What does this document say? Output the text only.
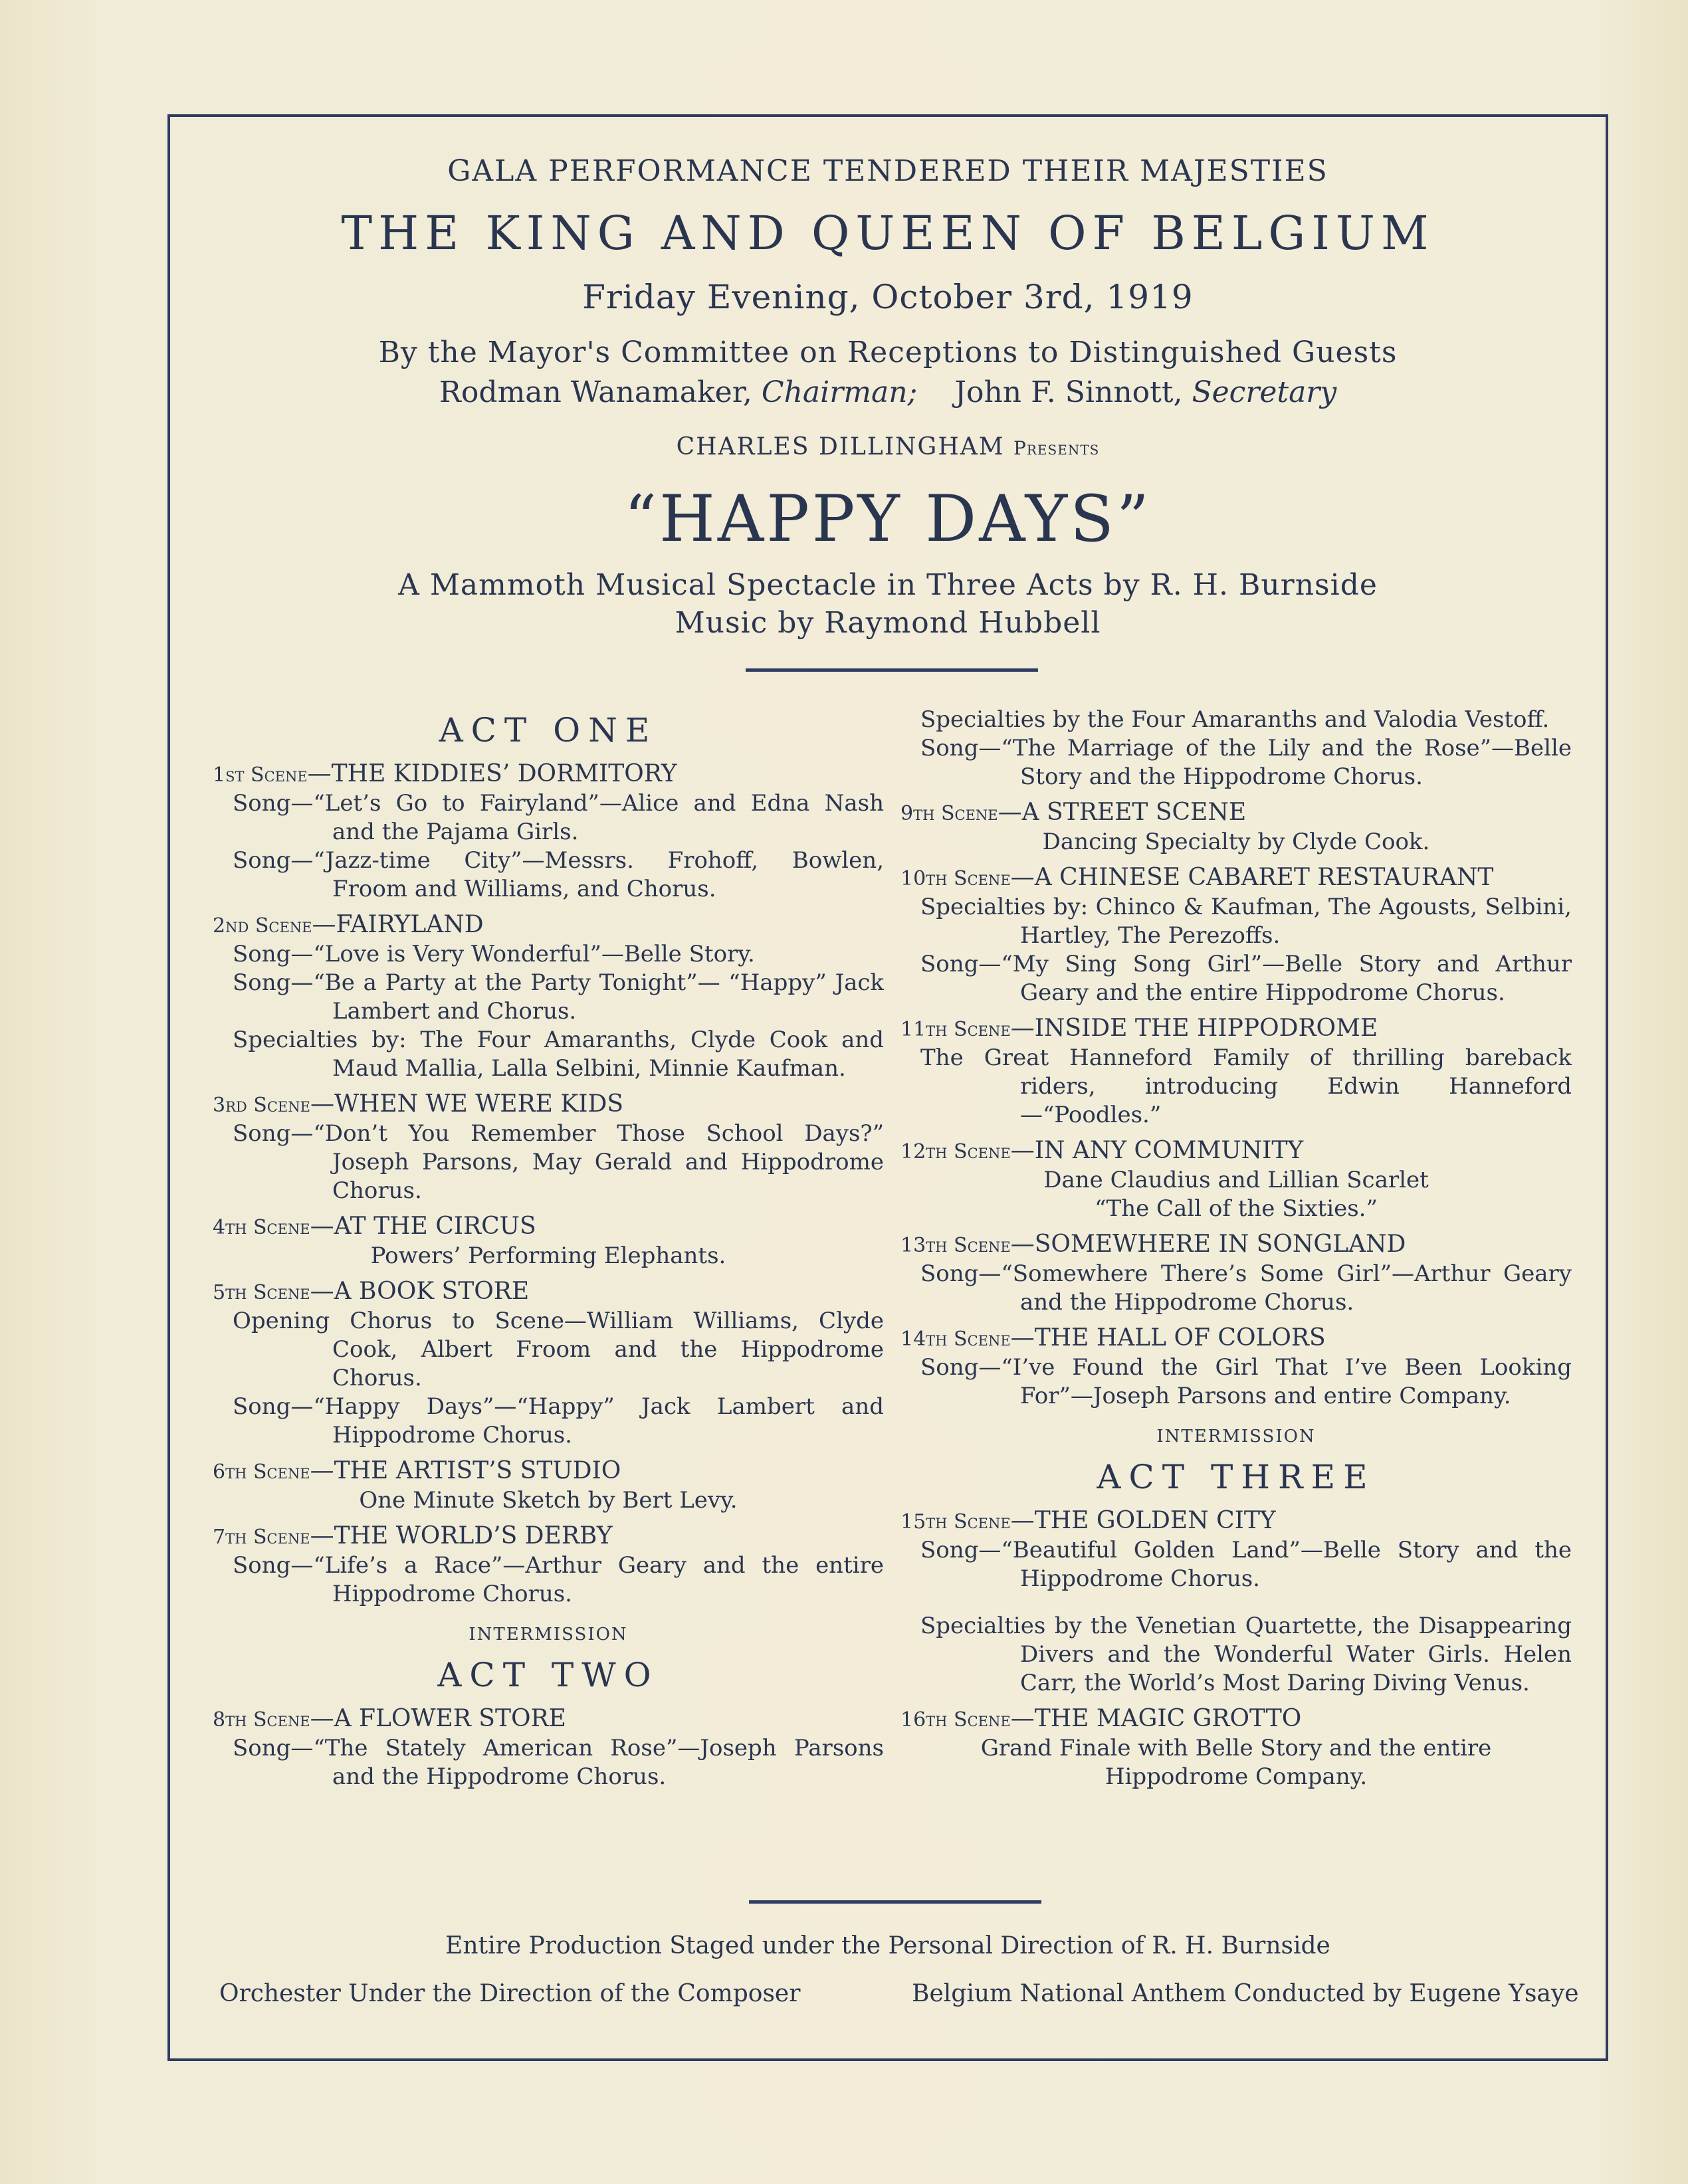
GALA PERFORMANCE TENDERED THEIR MAJESTIES
THE KING AND QUEEN OF BELGIUM
Friday Evening, October 3rd, 1919
By the Mayor's Committee on Receptions to Distinguished Guests
Rodman Wanamaker, Chairman; John F. Sinnott, Secretary
CHARLES DILLINGHAM Presents
“HAPPY DAYS”
A Mammoth Musical Spectacle in Three Acts by R. H. Burnside
Music by Raymond Hubbell
ACT ONE
1st Scene—THE KIDDIES’ DORMITORY
Song—“Let’s Go to Fairyland”—Alice and Edna Nash and the Pajama Girls.
Song—“Jazz-time City”—Messrs. Frohoff, Bowlen, Froom and Williams, and Chorus.
2nd Scene—FAIRYLAND
Song—“Love is Very Wonderful”—Belle Story.
Song—“Be a Party at the Party Tonight”— “Happy” Jack Lambert and Chorus.
Specialties by: The Four Amaranths, Clyde Cook and Maud Mallia, Lalla Selbini, Minnie Kaufman.
3rd Scene—WHEN WE WERE KIDS
Song—“Don’t You Remember Those School Days?” Joseph Parsons, May Gerald and Hippodrome Chorus.
4th Scene—AT THE CIRCUS
Powers’ Performing Elephants.
5th Scene—A BOOK STORE
Opening Chorus to Scene—William Williams, Clyde Cook, Albert Froom and the Hippodrome Chorus.
Song—“Happy Days”—“Happy” Jack Lambert and Hippodrome Chorus.
6th Scene—THE ARTIST’S STUDIO
One Minute Sketch by Bert Levy.
7th Scene—THE WORLD’S DERBY
Song—“Life’s a Race”—Arthur Geary and the entire Hippodrome Chorus.
INTERMISSION
ACT TWO
8th Scene—A FLOWER STORE
Song—“The Stately American Rose”—Joseph Parsons and the Hippodrome Chorus.
Specialties by the Four Amaranths and Valodia Vestoff.
Song—“The Marriage of the Lily and the Rose”—Belle Story and the Hippodrome Chorus.
9th Scene—A STREET SCENE
Dancing Specialty by Clyde Cook.
10th Scene—A CHINESE CABARET RESTAURANT
Specialties by: Chinco & Kaufman, The Agousts, Selbini, Hartley, The Perezoffs.
Song—“My Sing Song Girl”—Belle Story and Arthur Geary and the entire Hippodrome Chorus.
11th Scene—INSIDE THE HIPPODROME
The Great Hanneford Family of thrilling bareback riders, introducing Edwin Hanneford—“Poodles.”
12th Scene—IN ANY COMMUNITY
Dane Claudius and Lillian Scarlet
“The Call of the Sixties.”
13th Scene—SOMEWHERE IN SONGLAND
Song—“Somewhere There’s Some Girl”—Arthur Geary and the Hippodrome Chorus.
14th Scene—THE HALL OF COLORS
Song—“I’ve Found the Girl That I’ve Been Looking For”—Joseph Parsons and entire Company.
INTERMISSION
ACT THREE
15th Scene—THE GOLDEN CITY
Song—“Beautiful Golden Land”—Belle Story and the Hippodrome Chorus.
Specialties by the Venetian Quartette, the Disappearing Divers and the Wonderful Water Girls. Helen Carr, the World’s Most Daring Diving Venus.
16th Scene—THE MAGIC GROTTO
Grand Finale with Belle Story and the entire
Hippodrome Company.
Entire Production Staged under the Personal Direction of R. H. Burnside
Orchester Under the Direction of the Composer	Belgium National Anthem Conducted by Eugene Ysaye
